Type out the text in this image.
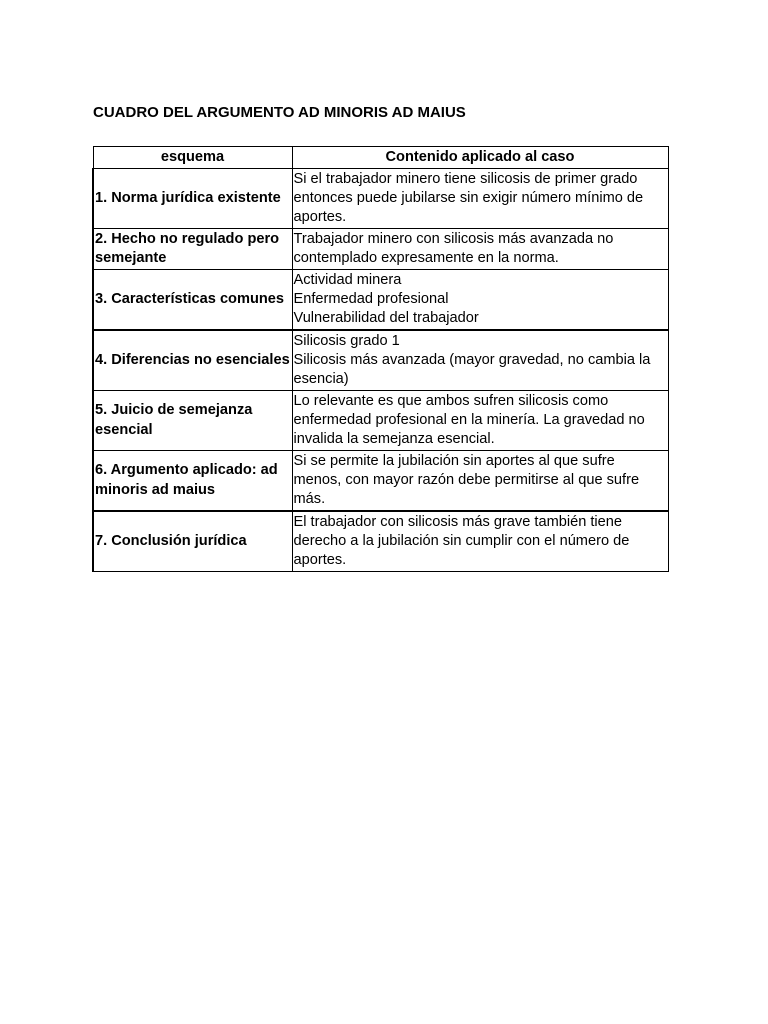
CUADRO DEL ARGUMENTO AD MINORIS AD MAIUS
esquema	Contenido aplicado al caso
1. Norma jurídica existente	Si el trabajador minero tiene silicosis de primer grado entonces puede jubilarse sin exigir número mínimo de aportes.
2. Hecho no regulado pero semejante	Trabajador minero con silicosis más avanzada no contemplado expresamente en la norma.
3. Características comunes	Actividad minera
Enfermedad profesional
Vulnerabilidad del trabajador
4. Diferencias no esenciales	Silicosis grado 1
Silicosis más avanzada (mayor gravedad, no cambia la esencia)
5. Juicio de semejanza esencial	Lo relevante es que ambos sufren silicosis como enfermedad profesional en la minería. La gravedad no invalida la semejanza esencial.
6. Argumento aplicado: ad minoris ad maius	Si se permite la jubilación sin aportes al que sufre menos, con mayor razón debe permitirse al que sufre más.
7. Conclusión jurídica	El trabajador con silicosis más grave también tiene derecho a la jubilación sin cumplir con el número de aportes.
